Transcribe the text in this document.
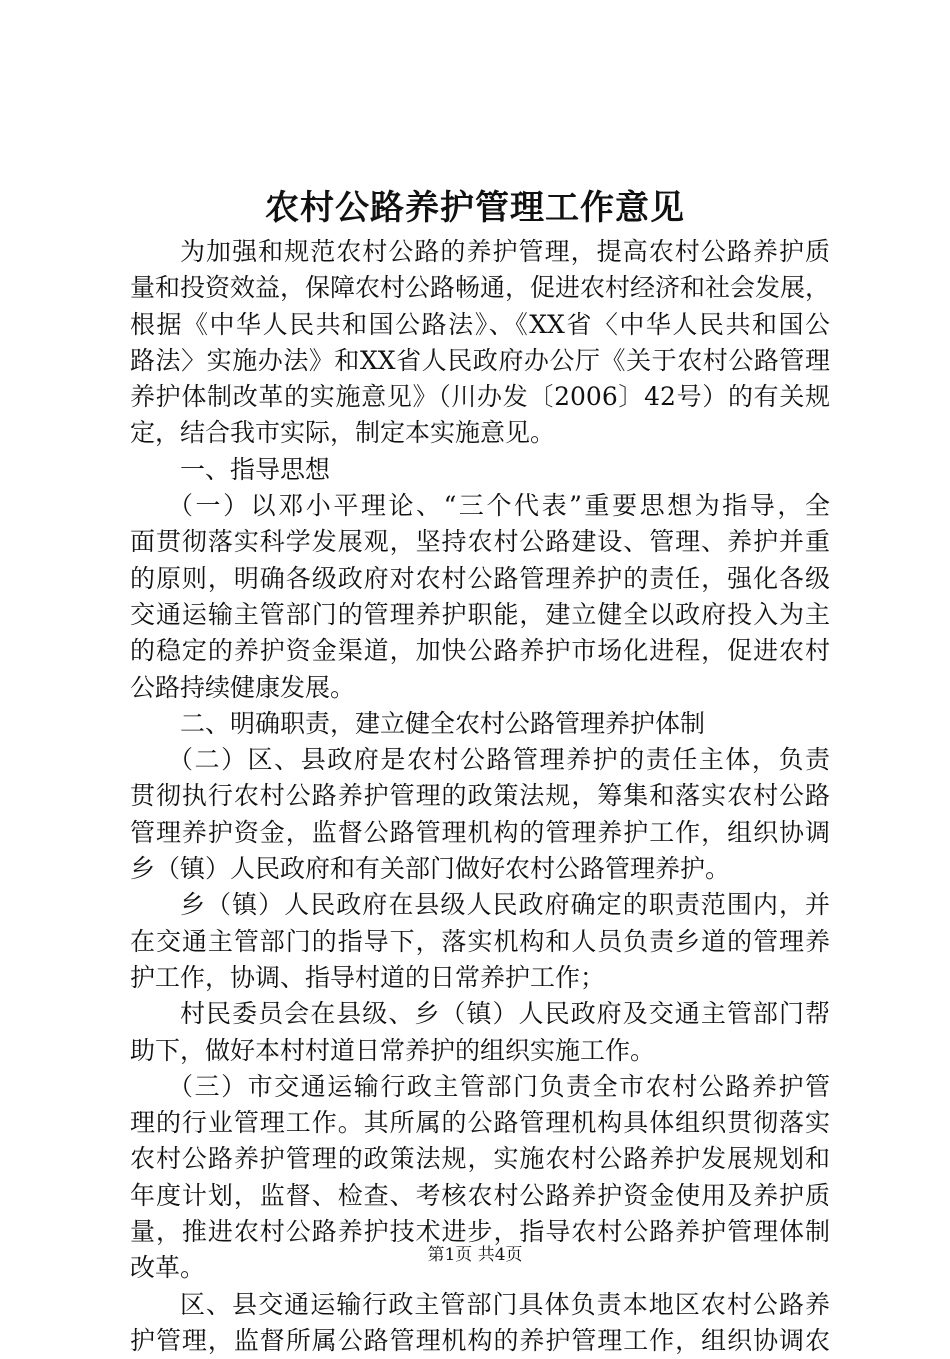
农村公路养护管理工作意见
为加强和规范农村公路的养护管理，提高农村公路养护质
量和投资效益，保障农村公路畅通，促进农村经济和社会发展，
根据《中华人民共和国公路法》、《XX省〈中华人民共和国公
路法〉实施办法》和XX省人民政府办公厅《关于农村公路管理
养护体制改革的实施意见》（川办发〔2006〕42号）的有关规
定，结合我市实际，制定本实施意见。
一、指导思想
（一）以邓小平理论、“三个代表”重要思想为指导，全
面贯彻落实科学发展观，坚持农村公路建设、管理、养护并重
的原则，明确各级政府对农村公路管理养护的责任，强化各级
交通运输主管部门的管理养护职能，建立健全以政府投入为主
的稳定的养护资金渠道，加快公路养护市场化进程，促进农村
公路持续健康发展。
二、明确职责，建立健全农村公路管理养护体制
（二）区、县政府是农村公路管理养护的责任主体，负责
贯彻执行农村公路养护管理的政策法规，筹集和落实农村公路
管理养护资金，监督公路管理机构的管理养护工作，组织协调
乡（镇）人民政府和有关部门做好农村公路管理养护。
乡（镇）人民政府在县级人民政府确定的职责范围内，并
在交通主管部门的指导下，落实机构和人员负责乡道的管理养
护工作，协调、指导村道的日常养护工作；
村民委员会在县级、乡（镇）人民政府及交通主管部门帮
助下，做好本村村道日常养护的组织实施工作。
（三）市交通运输行政主管部门负责全市农村公路养护管
理的行业管理工作。其所属的公路管理机构具体组织贯彻落实
农村公路养护管理的政策法规，实施农村公路养护发展规划和
年度计划，监督、检查、考核农村公路养护资金使用及养护质
量，推进农村公路养护技术进步，指导农村公路养护管理体制
改革。
区、县交通运输行政主管部门具体负责本地区农村公路养
护管理，监督所属公路管理机构的养护管理工作，组织协调农
第1页 共4页
